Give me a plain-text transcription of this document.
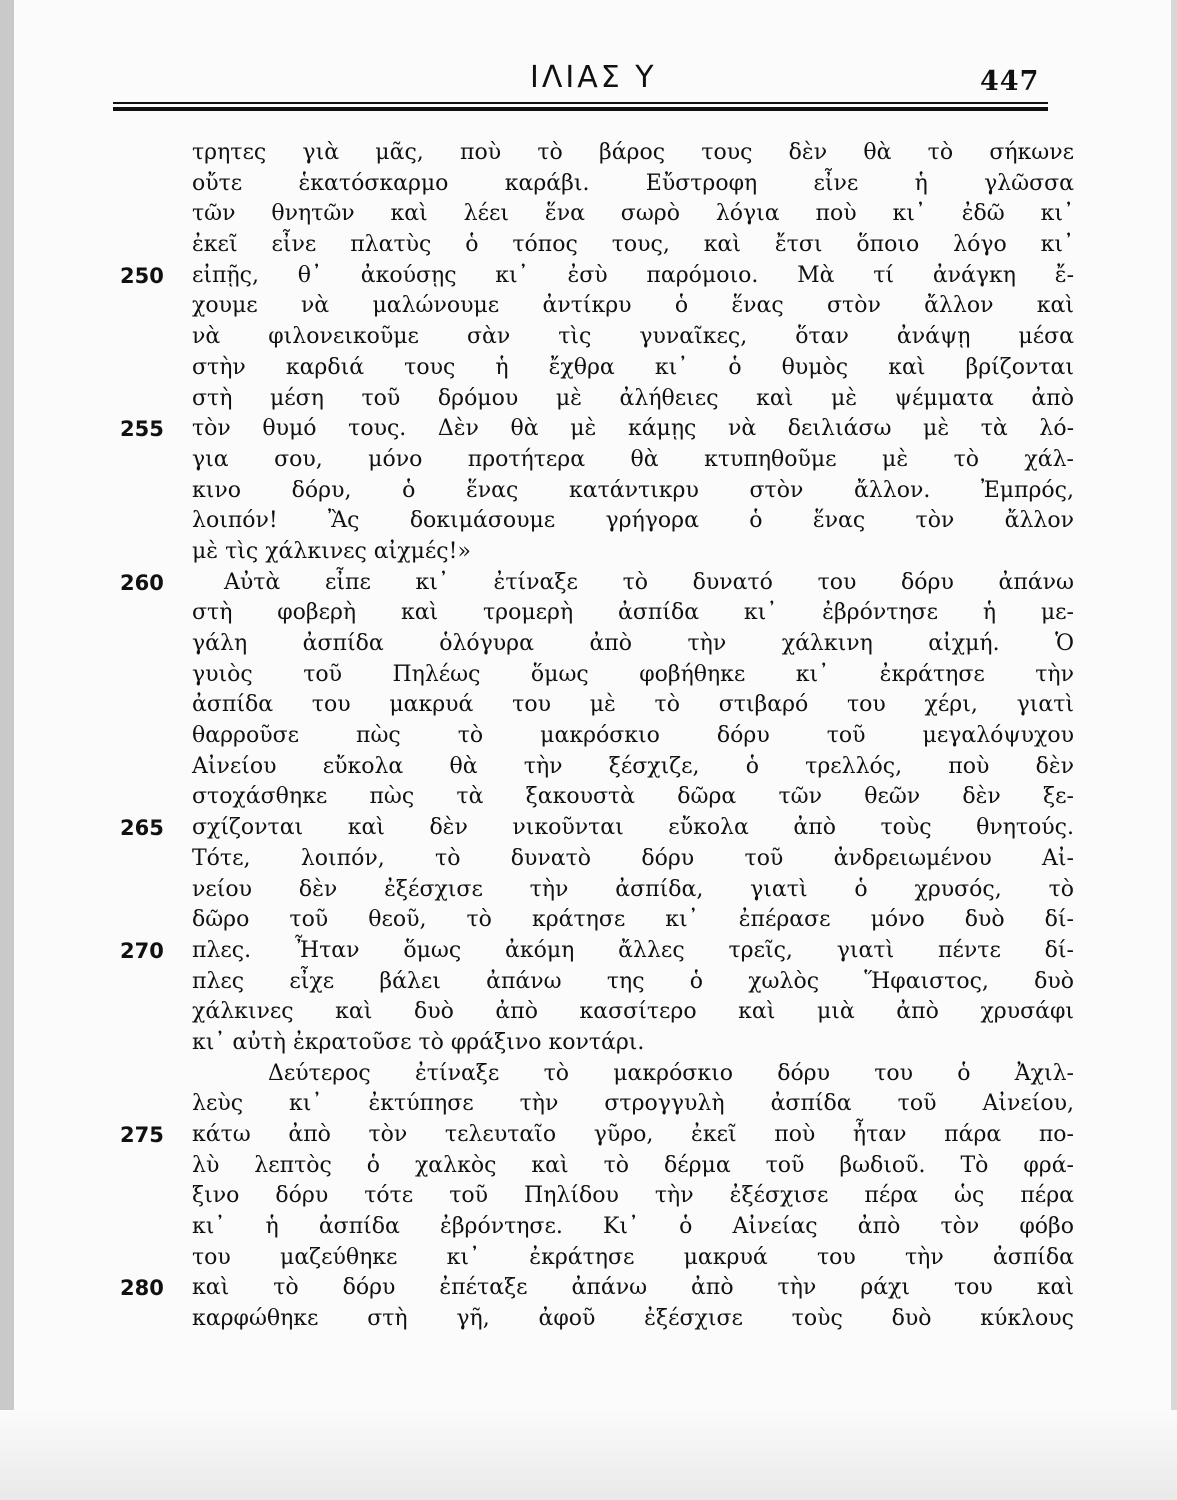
ΙΛΙΑΣ Υ	447
τρητες γιὰ μᾶς, ποὺ τὸ βάρος τους δὲν θὰ τὸ σήκωνε
οὔτε ἑκατόσκαρμο καράβι. Εὔστροφη εἶνε ἡ γλῶσσα
τῶν θνητῶν καὶ λέει ἕνα σωρὸ λόγια ποὺ κι᾽ ἐδῶ κι᾽
ἐκεῖ εἶνε πλατὺς ὁ τόπος τους, καὶ ἔτσι ὅποιο λόγο κι᾽
250	εἰπῇς, θ᾽ ἀκούσῃς κι᾽ ἐσὺ παρόμοιο. Μὰ τί ἀνάγκη ἔ-
χουμε νὰ μαλώνουμε ἀντίκρυ ὁ ἕνας στὸν ἄλλον καὶ
νὰ φιλονεικοῦμε σὰν τὶς γυναῖκες, ὅταν ἀνάψῃ μέσα
στὴν καρδιά τους ἡ ἔχθρα κι᾽ ὁ θυμὸς καὶ βρίζονται
στὴ μέση τοῦ δρόμου μὲ ἀλήθειες καὶ μὲ ψέμματα ἀπὸ
255	τὸν θυμό τους. Δὲν θὰ μὲ κάμῃς νὰ δειλιάσω μὲ τὰ λό-
για σου, μόνο προτήτερα θὰ κτυπηθοῦμε μὲ τὸ χάλ-
κινο δόρυ, ὁ ἕνας κατάντικρυ στὸν ἄλλον. Ἐμπρός,
λοιπόν! Ἂς δοκιμάσουμε γρήγορα ὁ ἕνας τὸν ἄλλον
μὲ τὶς χάλκινες αἰχμές!»
260	Αὐτὰ εἶπε κι᾽ ἐτίναξε τὸ δυνατό του δόρυ ἀπάνω
στὴ φοβερὴ καὶ τρομερὴ ἀσπίδα κι᾽ ἐβρόντησε ἡ με-
γάλη ἀσπίδα ὁλόγυρα ἀπὸ τὴν χάλκινη αἰχμή. Ὁ
γυιὸς τοῦ Πηλέως ὅμως φοβήθηκε κι᾽ ἐκράτησε τὴν
ἀσπίδα του μακρυά του μὲ τὸ στιβαρό του χέρι, γιατὶ
θαρροῦσε πὼς τὸ μακρόσκιο δόρυ τοῦ μεγαλόψυχου
Αἰνείου εὔκολα θὰ τὴν ξέσχιζε, ὁ τρελλός, ποὺ δὲν
στοχάσθηκε πὼς τὰ ξακουστὰ δῶρα τῶν θεῶν δὲν ξε-
265	σχίζονται καὶ δὲν νικοῦνται εὔκολα ἀπὸ τοὺς θνητούς.
Τότε, λοιπόν, τὸ δυνατὸ δόρυ τοῦ ἀνδρειωμένου Αἰ-
νείου δὲν ἐξέσχισε τὴν ἀσπίδα, γιατὶ ὁ χρυσός, τὸ
δῶρο τοῦ θεοῦ, τὸ κράτησε κι᾽ ἐπέρασε μόνο δυὸ δί-
270	πλες. Ἦταν ὅμως ἀκόμη ἄλλες τρεῖς, γιατὶ πέντε δί-
πλες εἶχε βάλει ἀπάνω της ὁ χωλὸς Ἥφαιστος, δυὸ
χάλκινες καὶ δυὸ ἀπὸ κασσίτερο καὶ μιὰ ἀπὸ χρυσάφι
κι᾽ αὐτὴ ἐκρατοῦσε τὸ φράξινο κοντάρι.
Δεύτερος ἐτίναξε τὸ μακρόσκιο δόρυ του ὁ Ἀχιλ-
λεὺς κι᾽ ἐκτύπησε τὴν στρογγυλὴ ἀσπίδα τοῦ Αἰνείου,
275	κάτω ἀπὸ τὸν τελευταῖο γῦρο, ἐκεῖ ποὺ ἦταν πάρα πο-
λὺ λεπτὸς ὁ χαλκὸς καὶ τὸ δέρμα τοῦ βωδιοῦ. Τὸ φρά-
ξινο δόρυ τότε τοῦ Πηλίδου τὴν ἐξέσχισε πέρα ὡς πέρα
κι᾽ ἡ ἀσπίδα ἐβρόντησε. Κι᾽ ὁ Αἰνείας ἀπὸ τὸν φόβο
του μαζεύθηκε κι᾽ ἐκράτησε μακρυά του τὴν ἀσπίδα
280	καὶ τὸ δόρυ ἐπέταξε ἀπάνω ἀπὸ τὴν ράχι του καὶ
καρφώθηκε στὴ γῆ, ἀφοῦ ἐξέσχισε τοὺς δυὸ κύκλους
